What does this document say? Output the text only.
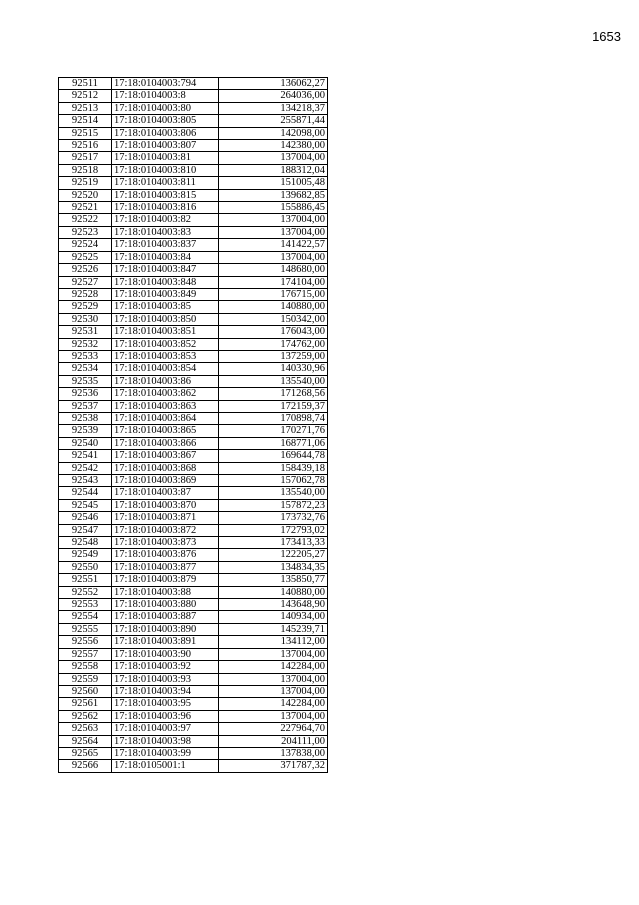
1653
92511	17:18:0104003:794	136062,27
92512	17:18:0104003:8	264036,00
92513	17:18:0104003:80	134218,37
92514	17:18:0104003:805	255871,44
92515	17:18:0104003:806	142098,00
92516	17:18:0104003:807	142380,00
92517	17:18:0104003:81	137004,00
92518	17:18:0104003:810	188312,04
92519	17:18:0104003:811	151005,48
92520	17:18:0104003:815	139682,85
92521	17:18:0104003:816	155886,45
92522	17:18:0104003:82	137004,00
92523	17:18:0104003:83	137004,00
92524	17:18:0104003:837	141422,57
92525	17:18:0104003:84	137004,00
92526	17:18:0104003:847	148680,00
92527	17:18:0104003:848	174104,00
92528	17:18:0104003:849	176715,00
92529	17:18:0104003:85	140880,00
92530	17:18:0104003:850	150342,00
92531	17:18:0104003:851	176043,00
92532	17:18:0104003:852	174762,00
92533	17:18:0104003:853	137259,00
92534	17:18:0104003:854	140330,96
92535	17:18:0104003:86	135540,00
92536	17:18:0104003:862	171268,56
92537	17:18:0104003:863	172159,37
92538	17:18:0104003:864	170898,74
92539	17:18:0104003:865	170271,76
92540	17:18:0104003:866	168771,06
92541	17:18:0104003:867	169644,78
92542	17:18:0104003:868	158439,18
92543	17:18:0104003:869	157062,78
92544	17:18:0104003:87	135540,00
92545	17:18:0104003:870	157872,23
92546	17:18:0104003:871	173732,76
92547	17:18:0104003:872	172793,02
92548	17:18:0104003:873	173413,33
92549	17:18:0104003:876	122205,27
92550	17:18:0104003:877	134834,35
92551	17:18:0104003:879	135850,77
92552	17:18:0104003:88	140880,00
92553	17:18:0104003:880	143648,90
92554	17:18:0104003:887	140934,00
92555	17:18:0104003:890	145239,71
92556	17:18:0104003:891	134112,00
92557	17:18:0104003:90	137004,00
92558	17:18:0104003:92	142284,00
92559	17:18:0104003:93	137004,00
92560	17:18:0104003:94	137004,00
92561	17:18:0104003:95	142284,00
92562	17:18:0104003:96	137004,00
92563	17:18:0104003:97	227964,70
92564	17:18:0104003:98	204111,00
92565	17:18:0104003:99	137838,00
92566	17:18:0105001:1	371787,32
